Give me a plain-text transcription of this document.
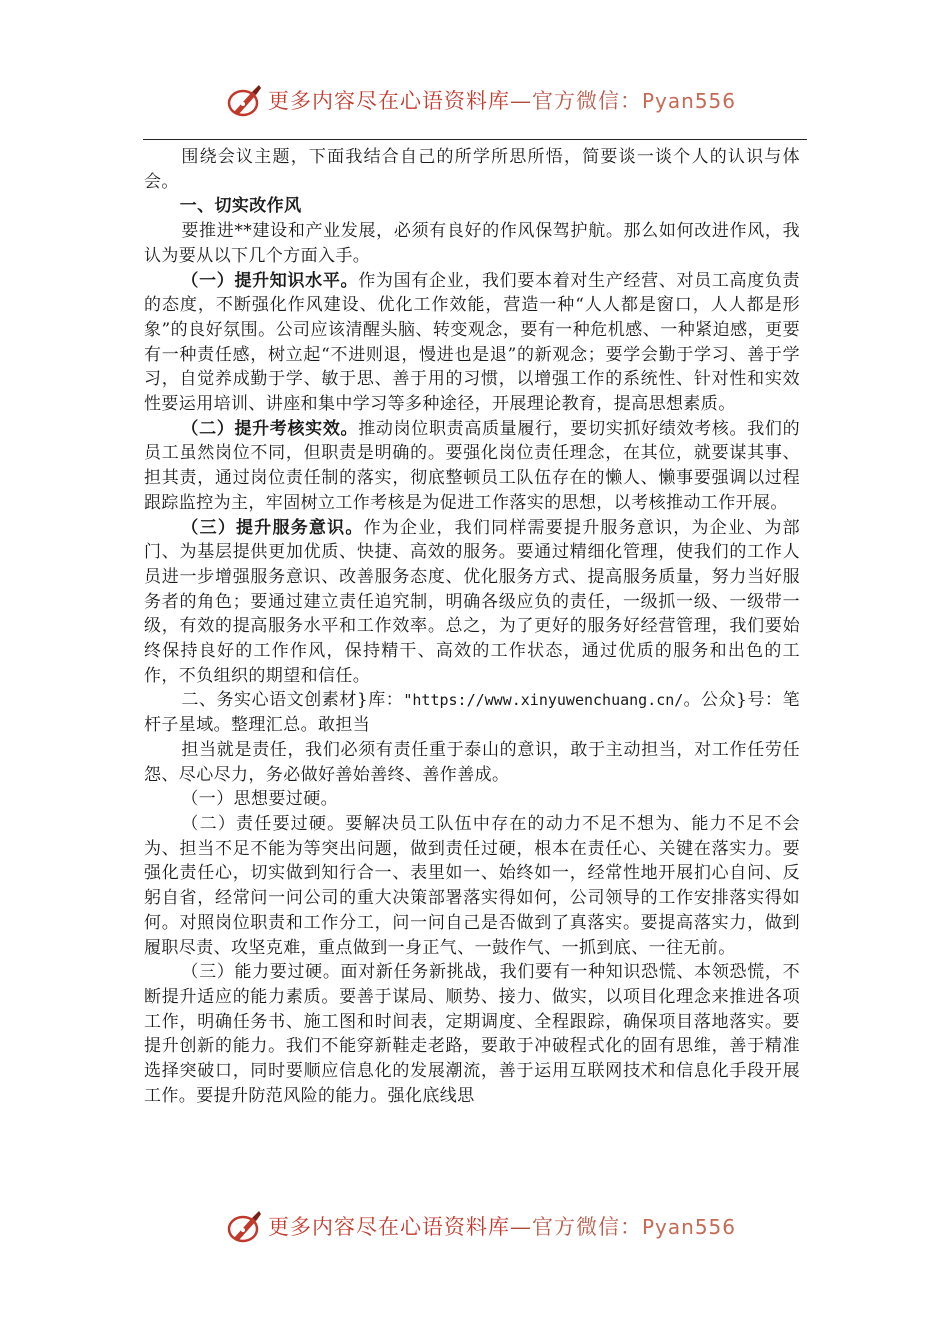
更多内容尽在心语资料库—官方微信：Pyan556

围绕会议主题，下面我结合自己的所学所思所悟，简要谈一谈个人的认识与体会。

一、切实改作风

要推进**建设和产业发展，必须有良好的作风保驾护航。那么如何改进作风，我认为要从以下几个方面入手。

（一）提升知识水平。作为国有企业，我们要本着对生产经营、对员工高度负责的态度，不断强化作风建设、优化工作效能，营造一种“人人都是窗口，人人都是形象”的良好氛围。公司应该清醒头脑、转变观念，要有一种危机感、一种紧迫感，更要有一种责任感，树立起“不进则退，慢进也是退”的新观念；要学会勤于学习、善于学习，自觉养成勤于学、敏于思、善于用的习惯，以增强工作的系统性、针对性和实效性要运用培训、讲座和集中学习等多种途径，开展理论教育，提高思想素质。

（二）提升考核实效。推动岗位职责高质量履行，要切实抓好绩效考核。我们的员工虽然岗位不同，但职责是明确的。要强化岗位责任理念，在其位，就要谋其事、担其责，通过岗位责任制的落实，彻底整顿员工队伍存在的懒人、懒事要强调以过程跟踪监控为主，牢固树立工作考核是为促进工作落实的思想，以考核推动工作开展。

（三）提升服务意识。作为企业，我们同样需要提升服务意识，为企业、为部门、为基层提供更加优质、快捷、高效的服务。要通过精细化管理，使我们的工作人员进一步增强服务意识、改善服务态度、优化服务方式、提高服务质量，努力当好服务者的角色；要通过建立责任追究制，明确各级应负的责任，一级抓一级、一级带一级，有效的提高服务水平和工作效率。总之，为了更好的服务好经营管理，我们要始终保持良好的工作作风，保持精干、高效的工作状态，通过优质的服务和出色的工作，不负组织的期望和信任。

二、务实心语文创素材}库："https://www.xinyuwenchuang.cn/。公众}号：笔杆子星域。整理汇总。敢担当

担当就是责任，我们必须有责任重于泰山的意识，敢于主动担当，对工作任劳任怨、尽心尽力，务必做好善始善终、善作善成。

（一）思想要过硬。

（二）责任要过硬。要解决员工队伍中存在的动力不足不想为、能力不足不会为、担当不足不能为等突出问题，做到责任过硬，根本在责任心、关键在落实力。要强化责任心，切实做到知行合一、表里如一、始终如一，经常性地开展扪心自问、反躬自省，经常问一问公司的重大决策部署落实得如何，公司领导的工作安排落实得如何。对照岗位职责和工作分工，问一问自己是否做到了真落实。要提高落实力，做到履职尽责、攻坚克难，重点做到一身正气、一鼓作气、一抓到底、一往无前。

（三）能力要过硬。面对新任务新挑战，我们要有一种知识恐慌、本领恐慌，不断提升适应的能力素质。要善于谋局、顺势、接力、做实，以项目化理念来推进各项工作，明确任务书、施工图和时间表，定期调度、全程跟踪，确保项目落地落实。要提升创新的能力。我们不能穿新鞋走老路，要敢于冲破程式化的固有思维，善于精准选择突破口，同时要顺应信息化的发展潮流，善于运用互联网技术和信息化手段开展工作。要提升防范风险的能力。强化底线思

更多内容尽在心语资料库—官方微信：Pyan556
